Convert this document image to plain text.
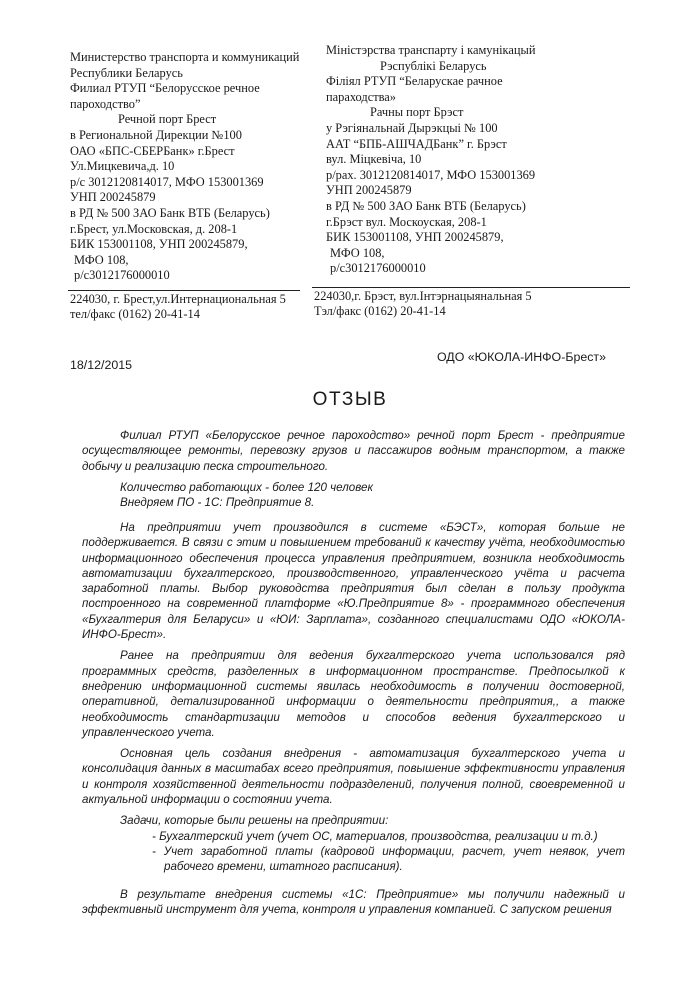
Министерство транспорта и коммуникаций
Республики Беларусь
Филиал РТУП “Белорусское речное
пароходство”
Речной порт Брест
в Региональной Дирекции №100
ОАО «БПС-СБЕРБанк» г.Брест
Ул.Мицкевича,д. 10
р/с 3012120814017, МФО 153001369
УНП 200245879
в РД № 500 ЗАО Банк ВТБ (Беларусь)
г.Брест, ул.Московская, д. 208-1
БИК 153001108, УНП 200245879,
МФО 108,
р/с3012176000010
Міністэрства транспарту і камунікацый
Рэспублікі Беларусь
Філіял РТУП “Беларускае рачное
параходства»
Рачны порт Брэст
у Рэгіянальнай Дырэкцыі № 100
ААТ “БПБ-АШЧАДБанк” г. Брэст
вул. Міцкевіча, 10
р/рах. 3012120814017, МФО 153001369
УНП 200245879
в РД № 500 ЗАО Банк ВТБ (Беларусь)
г.Брэст вул. Москоуская, 208-1
БИК 153001108, УНП 200245879,
МФО 108,
р/с3012176000010
224030, г. Брест,ул.Интернациональная 5
тел/факс (0162) 20-41-14
224030,г. Брэст, вул.Інтэрнацыянальная 5
Тэл/факс (0162) 20-41-14
18/12/2015
ОДО «ЮКОЛА-ИНФО-Брест»
ОТЗЫВ

Филиал РТУП «Белорусское речное пароходство» речной порт Брест - предприятие осуществляющее ремонты, перевозку грузов и пассажиров водным транспортом, а также добычу и реализацию песка строительного.

Количество работающих - более 120 человек

Внедряем ПО - 1С: Предприятие 8.

На предприятии учет производился в системе «БЭСТ», которая больше не поддерживается. В связи с этим и повышением требований к качеству учёта, необходимостью информационного обеспечения процесса управления предприятием, возникла необходимость автоматизации бухгалтерского, производственного, управленческого учёта и расчета заработной платы. Выбор руководства предприятия был сделан в пользу продукта построенного на современной платформе «Ю.Предприятие 8» - программного обеспечения «Бухгалтерия для Беларуси» и «ЮИ: Зарплата», созданного специалистами ОДО «ЮКОЛА-ИНФО-Брест».

Ранее на предприятии для ведения бухгалтерского учета использовался ряд программных средств, разделенных в информационном пространстве. Предпосылкой к внедрению информационной системы явилась необходимость в получении достоверной, оперативной, детализированной информации о деятельности предприятия,, а также необходимость стандартизации методов и способов ведения бухгалтерского и управленческого учета.

Основная цель создания внедрения - автоматизация бухгалтерского учета и консолидация данных в масштабах всего предприятия, повышение эффективности управления и контроля хозяйственной деятельности подразделений, получения полной, своевременной и актуальной информации о состоянии учета.

Задачи, которые были решены на предприятии:

- Бухгалтерский учет (учет ОС, материалов, производства, реализации и т.д.)

- Учет заработной платы (кадровой информации, расчет, учет неявок, учет рабочего времени, штатного расписания).

В результате внедрения системы «1С: Предприятие» мы получили надежный и эффективный инструмент для учета, контроля и управления компанией. С запуском решения
